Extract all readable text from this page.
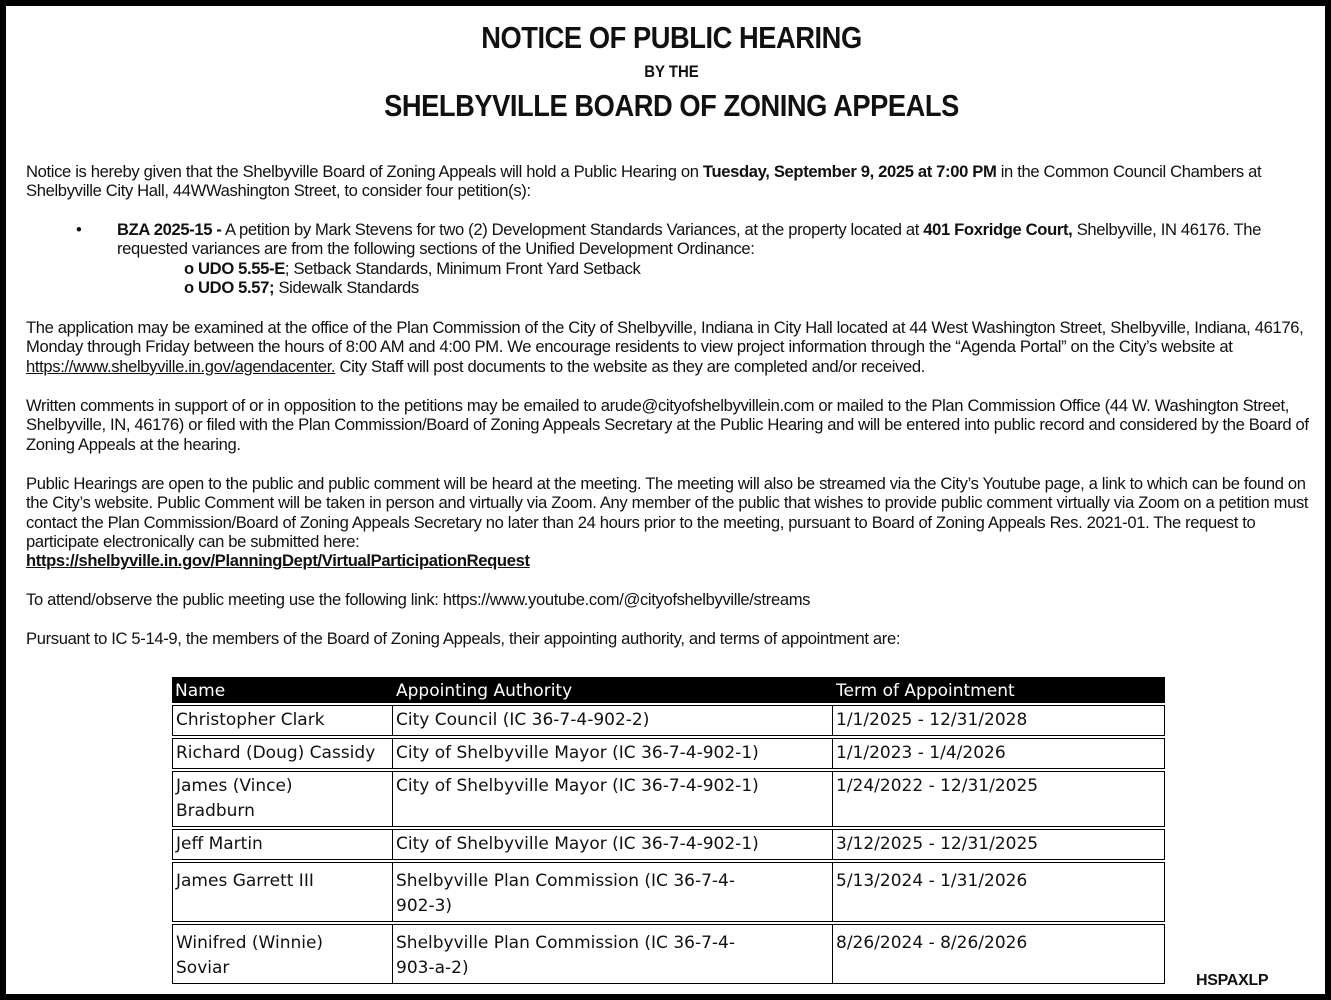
NOTICE OF PUBLIC HEARING
BY THE
SHELBYVILLE BOARD OF ZONING APPEALS

Notice is hereby given that the Shelbyville Board of Zoning Appeals will hold a Public Hearing on Tuesday, September 9, 2025 at 7:00 PM in the Common Council Chambers at Shelbyville City Hall, 44WWashington Street, to consider four petition(s):

• BZA 2025-15 - A petition by Mark Stevens for two (2) Development Standards Variances, at the property located at 401 Foxridge Court, Shelbyville, IN 46176. The requested variances are from the following sections of the Unified Development Ordinance:
o UDO 5.55-E; Setback Standards, Minimum Front Yard Setback
o UDO 5.57; Sidewalk Standards

The application may be examined at the office of the Plan Commission of the City of Shelbyville, Indiana in City Hall located at 44 West Washington Street, Shelbyville, Indiana, 46176, Monday through Friday between the hours of 8:00 AM and 4:00 PM. We encourage residents to view project information through the “Agenda Portal” on the City’s website at https://www.shelbyville.in.gov/agendacenter. City Staff will post documents to the website as they are completed and/or received.

Written comments in support of or in opposition to the petitions may be emailed to arude@cityofshelbyvillein.com or mailed to the Plan Commission Office (44 W. Washington Street, Shelbyville, IN, 46176) or filed with the Plan Commission/Board of Zoning Appeals Secretary at the Public Hearing and will be entered into public record and considered by the Board of Zoning Appeals at the hearing.

Public Hearings are open to the public and public comment will be heard at the meeting. The meeting will also be streamed via the City’s Youtube page, a link to which can be found on the City’s website. Public Comment will be taken in person and virtually via Zoom. Any member of the public that wishes to provide public comment virtually via Zoom on a petition must contact the Plan Commission/Board of Zoning Appeals Secretary no later than 24 hours prior to the meeting, pursuant to Board of Zoning Appeals Res. 2021-01. The request to participate electronically can be submitted here:

https://shelbyville.in.gov/PlanningDept/VirtualParticipationRequest

To attend/observe the public meeting use the following link: https://www.youtube.com/@cityofshelbyville/streams

Pursuant to IC 5-14-9, the members of the Board of Zoning Appeals, their appointing authority, and terms of appointment are:

Name	Appointing Authority	Term of Appointment
Christopher Clark	City Council (IC 36-7-4-902-2)	1/1/2025 - 12/31/2028
Richard (Doug) Cassidy	City of Shelbyville Mayor (IC 36-7-4-902-1)	1/1/2023 - 1/4/2026
James (Vince) Bradburn	City of Shelbyville Mayor (IC 36-7-4-902-1)	1/24/2022 - 12/31/2025
Jeff Martin	City of Shelbyville Mayor (IC 36-7-4-902-1)	3/12/2025 - 12/31/2025
James Garrett III	Shelbyville Plan Commission (IC 36-7-4-902-3)	5/13/2024 - 1/31/2026
Winifred (Winnie) Soviar	Shelbyville Plan Commission (IC 36-7-4-903-a-2)	8/26/2024 - 8/26/2026
HSPAXLP
